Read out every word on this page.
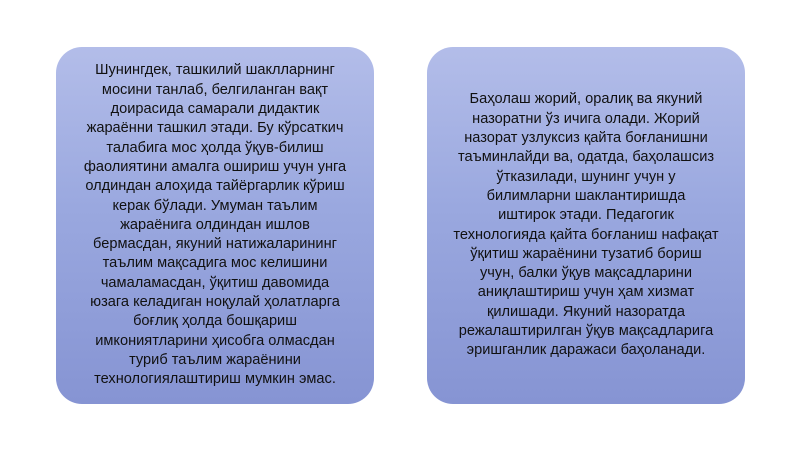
Шунингдек, ташкилий шаклларнинг
мосини танлаб, белгиланган вақт
доирасида самарали дидактик
жараённи ташкил этади. Бу кўрсаткич
талабига мос ҳолда ўқув-билиш
фаолиятини амалга ошириш учун унга
олдиндан алоҳида тайёргарлик кўриш
керак бўлади. Умуман таълим
жараёнига олдиндан ишлов
бермасдан, якуний натижаларининг
таълим мақсадига мос келишини
чамаламасдан, ўқитиш давомида
юзага келадиган ноқулай ҳолатларга
боғлиқ ҳолда бошқариш
имкониятларини ҳисобга олмасдан
туриб таълим жараёнини
технологиялаштириш мумкин эмас.

Баҳолаш жорий, оралиқ ва якуний
назоратни ўз ичига олади. Жорий
назорат узлуксиз қайта боғланишни
таъминлайди ва, одатда, баҳолашсиз
ўтказилади, шунинг учун у
билимларни шаклантиришда
иштирок этади. Педагогик
технологияда қайта боғланиш нафақат
ўқитиш жараёнини тузатиб бориш
учун, балки ўқув мақсадларини
аниқлаштириш учун ҳам хизмат
қилишади. Якуний назоратда
режалаштирилган ўқув мақсадларига
эришганлик даражаси баҳоланади.
